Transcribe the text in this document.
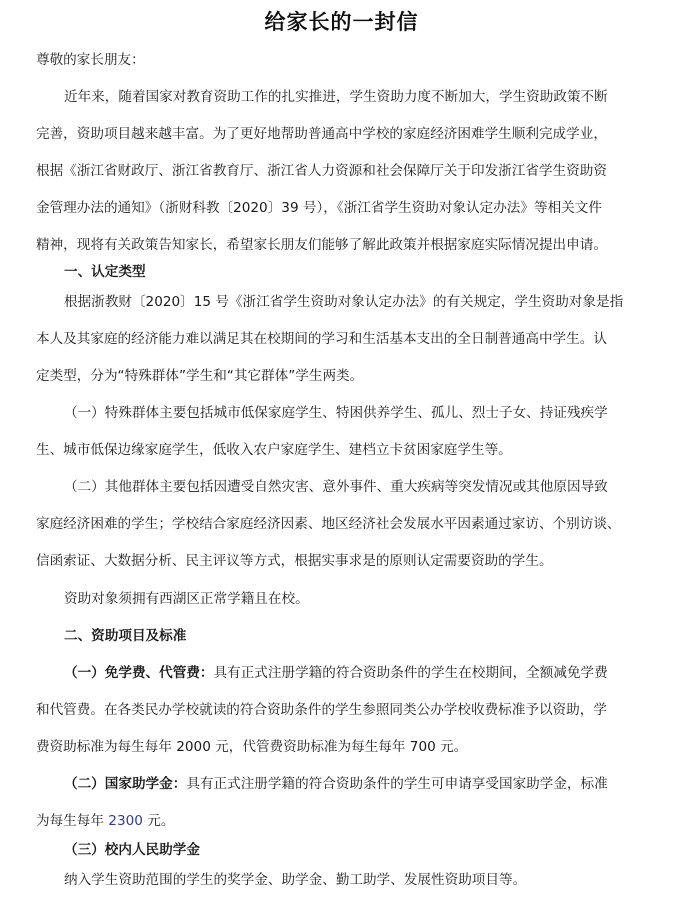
给家长的一封信
尊敬的家长朋友：
近年来，随着国家对教育资助工作的扎实推进，学生资助力度不断加大，学生资助政策不断
完善，资助项目越来越丰富。为了更好地帮助普通高中学校的家庭经济困难学生顺利完成学业，
根据《浙江省财政厅、浙江省教育厅、浙江省人力资源和社会保障厅关于印发浙江省学生资助资
金管理办法的通知》（浙财科教〔2020〕39 号），《浙江省学生资助对象认定办法》等相关文件
精神，现将有关政策告知家长，希望家长朋友们能够了解此政策并根据家庭实际情况提出申请。
一、认定类型
根据浙教财〔2020〕15 号《浙江省学生资助对象认定办法》的有关规定，学生资助对象是指
本人及其家庭的经济能力难以满足其在校期间的学习和生活基本支出的全日制普通高中学生。认
定类型，分为“特殊群体”学生和“其它群体”学生两类。
（一）特殊群体主要包括城市低保家庭学生、特困供养学生、孤儿、烈士子女、持证残疾学
生、城市低保边缘家庭学生，低收入农户家庭学生、建档立卡贫困家庭学生等。
（二）其他群体主要包括因遭受自然灾害、意外事件、重大疾病等突发情况或其他原因导致
家庭经济困难的学生；学校结合家庭经济因素、地区经济社会发展水平因素通过家访、个别访谈、
信函索证、大数据分析、民主评议等方式，根据实事求是的原则认定需要资助的学生。
资助对象须拥有西湖区正常学籍且在校。
二、资助项目及标准
（一）免学费、代管费：具有正式注册学籍的符合资助条件的学生在校期间，全额减免学费
和代管费。在各类民办学校就读的符合资助条件的学生参照同类公办学校收费标准予以资助，学
费资助标准为每生每年 2000 元，代管费资助标准为每生每年 700 元。
（二）国家助学金：具有正式注册学籍的符合资助条件的学生可申请享受国家助学金，标准
为每生每年 2300 元。
（三）校内人民助学金
纳入学生资助范围的学生的奖学金、助学金、勤工助学、发展性资助项目等。
